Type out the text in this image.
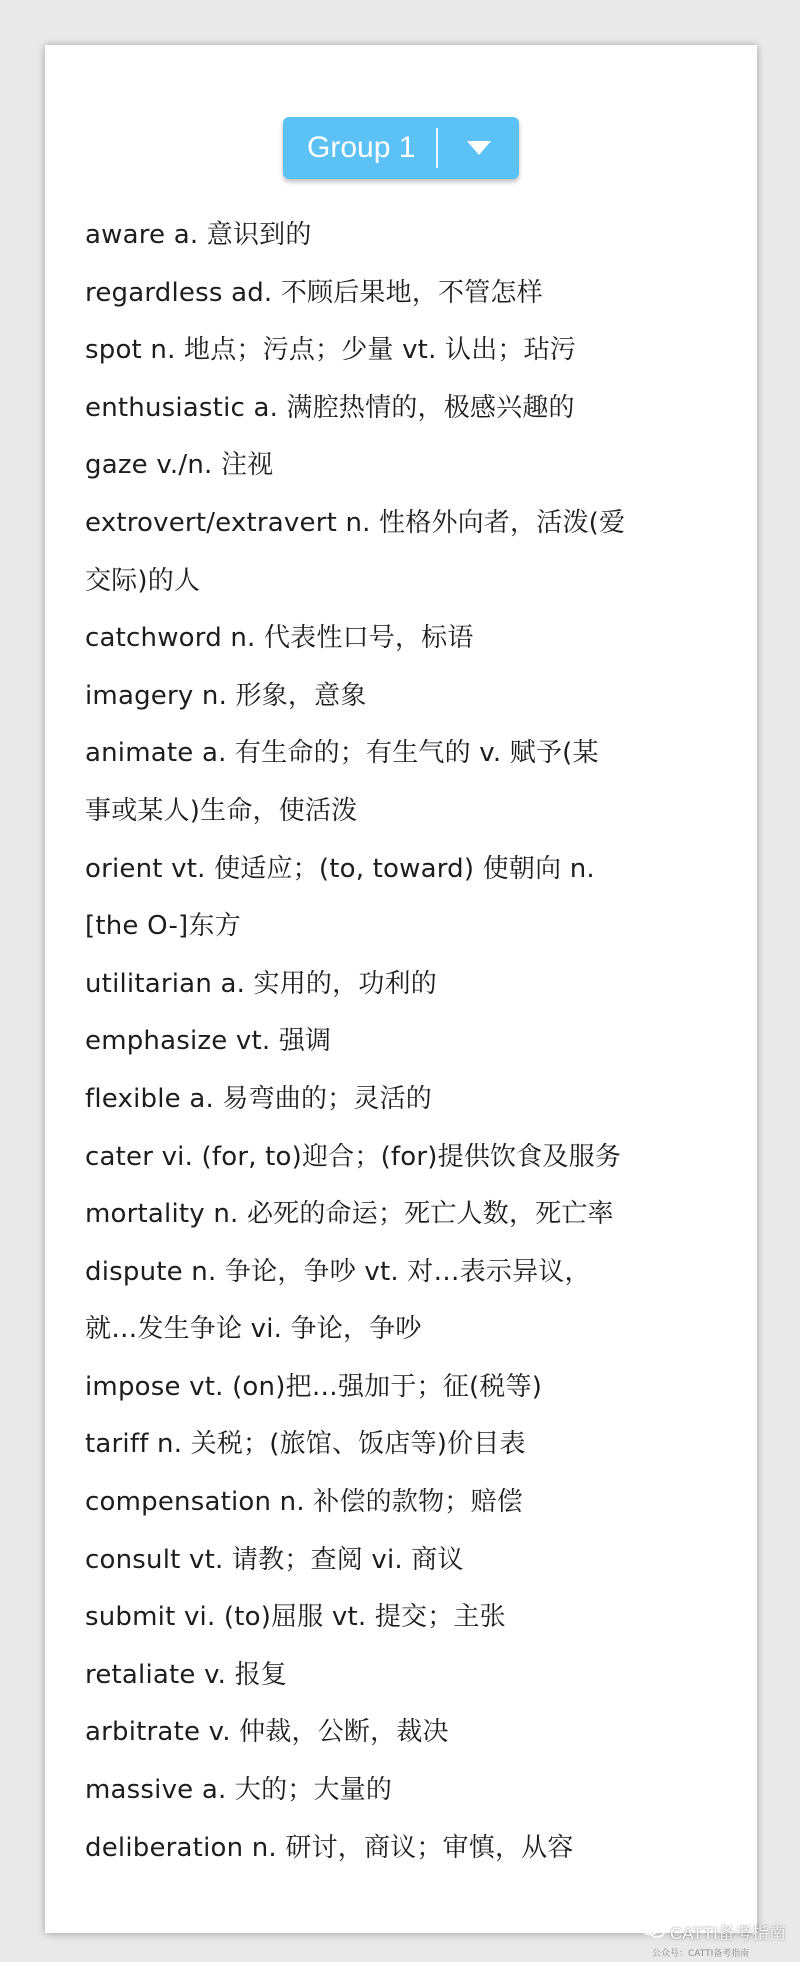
Group 1
aware a. 意识到的
regardless ad. 不顾后果地，不管怎样
spot n. 地点；污点；少量 vt. 认出；玷污
enthusiastic a. 满腔热情的，极感兴趣的
gaze v./n. 注视
extrovert/extravert n. 性格外向者，活泼(爱
交际)的人
catchword n. 代表性口号，标语
imagery n. 形象，意象
animate a. 有生命的；有生气的 v. 赋予(某
事或某人)生命，使活泼
orient vt. 使适应；(to, toward) 使朝向 n.
[the O-]东方
utilitarian a. 实用的，功利的
emphasize vt. 强调
flexible a. 易弯曲的；灵活的
cater vi. (for, to)迎合；(for)提供饮食及服务
mortality n. 必死的命运；死亡人数，死亡率
dispute n. 争论，争吵 vt. 对…表示异议，
就…发生争论 vi. 争论，争吵
impose vt. (on)把…强加于；征(税等)
tariff n. 关税；(旅馆、饭店等)价目表
compensation n. 补偿的款物；赔偿
consult vt. 请教；查阅 vi. 商议
submit vi. (to)屈服 vt. 提交；主张
retaliate v. 报复
arbitrate v. 仲裁，公断，裁决
massive a. 大的；大量的
deliberation n. 研讨，商议；审慎，从容
CATTI备考指南
公众号：CATTI备考指南
